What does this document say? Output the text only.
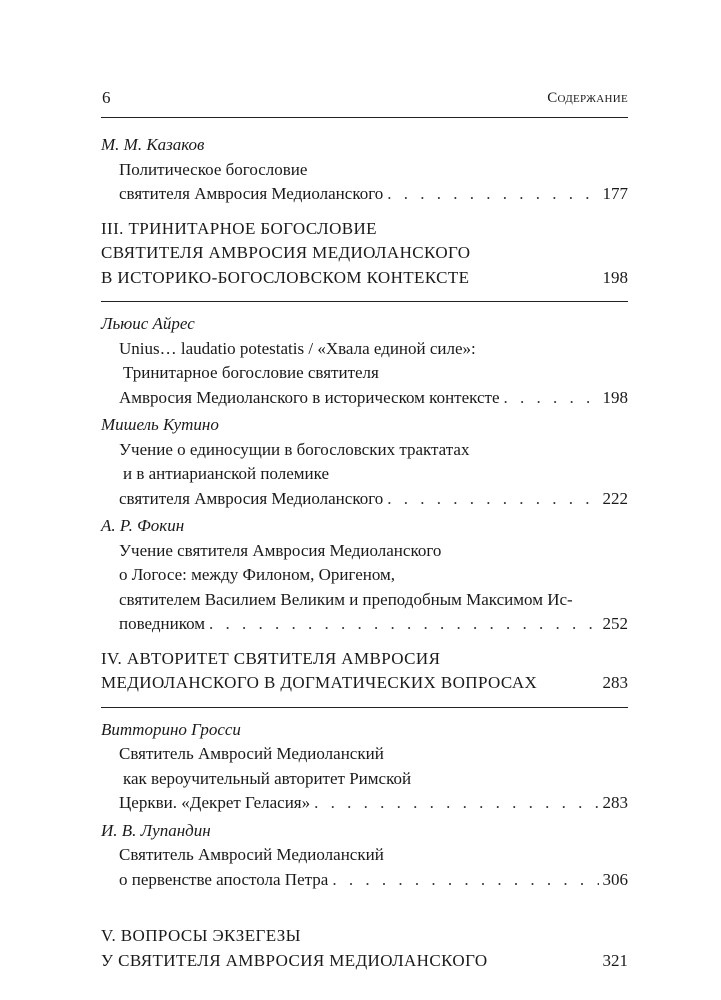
6	Содержание
М. М. Казаков
Политическое богословие
святителя Амвросия Медиоланского . . .	177
III. ТРИНИТАРНОЕ БОГОСЛОВИЕ
СВЯТИТЕЛЯ АМВРОСИЯ МЕДИОЛАНСКОГО
В ИСТОРИКО-БОГОСЛОВСКОМ КОНТЕКСТЕ	198
Льюис Айрес
Unius… laudatio potestatis / «Хвала единой силе»:
Тринитарное богословие святителя
Амвросия Медиоланского в историческом контексте . . .	198
Мишель Кутино
Учение о единосущии в богословских трактатах
и в антиарианской полемике
святителя Амвросия Медиоланского . . .	222
А. Р. Фокин
Учение святителя Амвросия Медиоланского
о Логосе: между Филоном, Оригеном,
святителем Василием Великим и преподобным Максимом Ис-
поведником . . .	252
IV. АВТОРИТЕТ СВЯТИТЕЛЯ АМВРОСИЯ
МЕДИОЛАНСКОГО В ДОГМАТИЧЕСКИХ ВОПРОСАХ	283
Витторино Гросси
Святитель Амвросий Медиоланский
как вероучительный авторитет Римской
Церкви. «Декрет Геласия» . . .	283
И. В. Лупандин
Святитель Амвросий Медиоланский
о первенстве апостола Петра . . .	306
V. ВОПРОСЫ ЭКЗЕГЕЗЫ
У СВЯТИТЕЛЯ АМВРОСИЯ МЕДИОЛАНСКОГО	321
